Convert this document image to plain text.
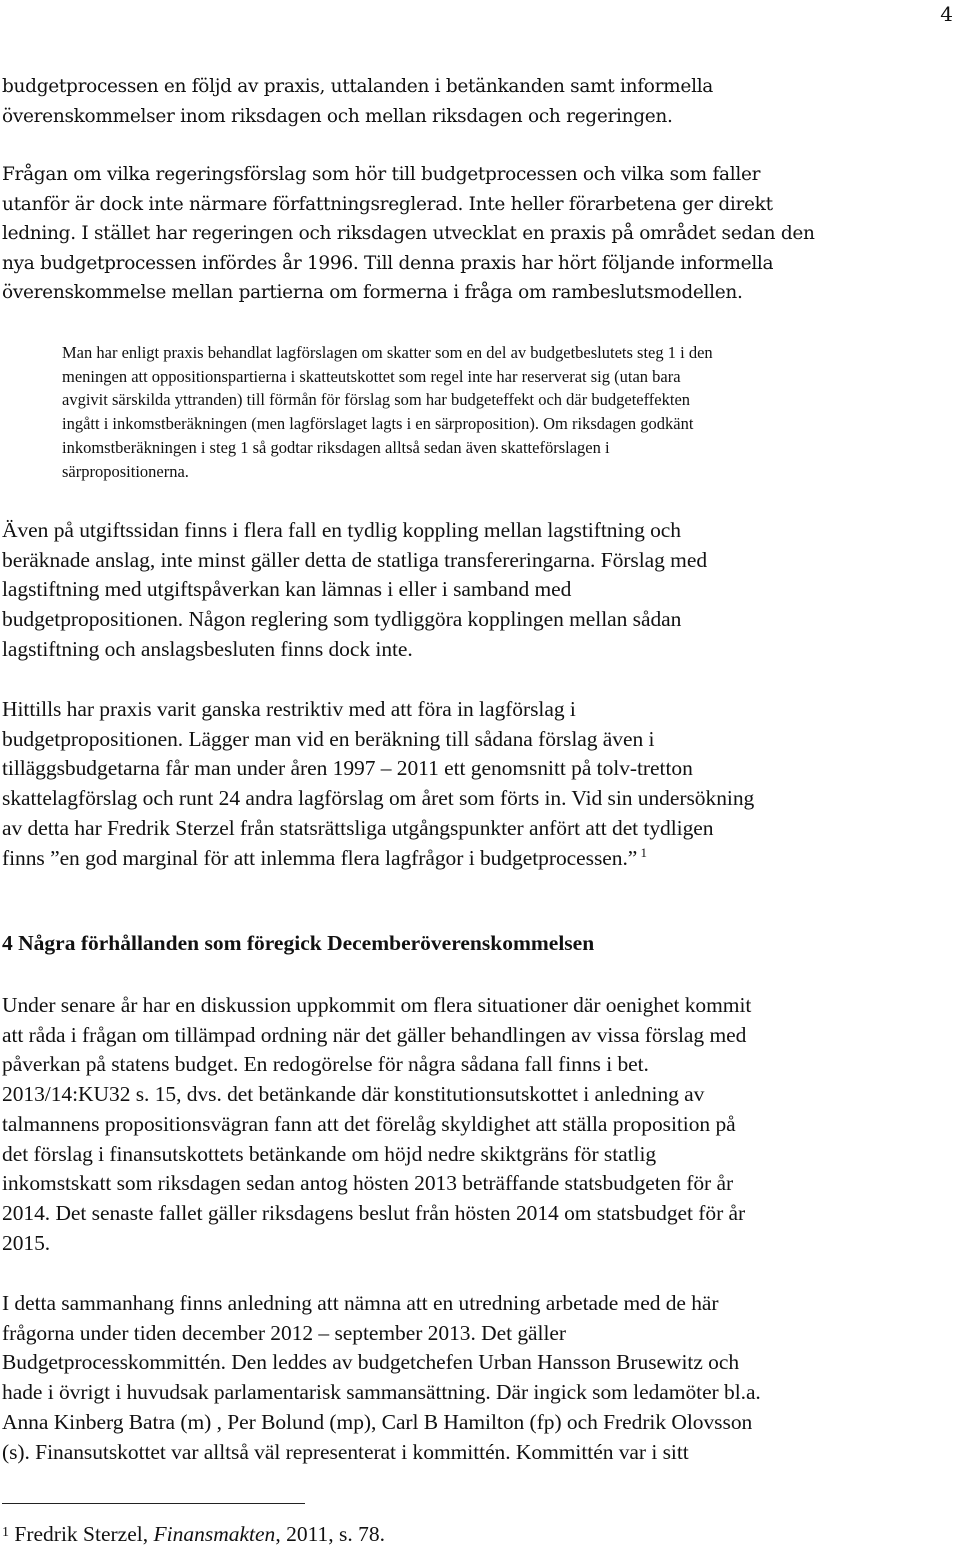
4

budgetprocessen en följd av praxis, uttalanden i betänkanden samt informella
överenskommelser inom riksdagen och mellan riksdagen och regeringen.

Frågan om vilka regeringsförslag som hör till budgetprocessen och vilka som faller
utanför är dock inte närmare författningsreglerad. Inte heller förarbetena ger direkt
ledning. I stället har regeringen och riksdagen utvecklat en praxis på området sedan den
nya budgetprocessen infördes år 1996. Till denna praxis har hört följande informella
överenskommelse mellan partierna om formerna i fråga om rambeslutsmodellen.

Man har enligt praxis behandlat lagförslagen om skatter som en del av budgetbeslutets steg 1 i den
meningen att oppositionspartierna i skatteutskottet som regel inte har reserverat sig (utan bara
avgivit särskilda yttranden) till förmån för förslag som har budgeteffekt och där budgeteffekten
ingått i inkomstberäkningen (men lagförslaget lagts i en särproposition). Om riksdagen godkänt
inkomstberäkningen i steg 1 så godtar riksdagen alltså sedan även skatteförslagen i
särpropositionerna.

Även på utgiftssidan finns i flera fall en tydlig koppling mellan lagstiftning och
beräknade anslag, inte minst gäller detta de statliga transfereringarna. Förslag med
lagstiftning med utgiftspåverkan kan lämnas i eller i samband med
budgetpropositionen. Någon reglering som tydliggöra kopplingen mellan sådan
lagstiftning och anslagsbesluten finns dock inte.

Hittills har praxis varit ganska restriktiv med att föra in lagförslag i
budgetpropositionen. Lägger man vid en beräkning till sådana förslag även i
tilläggsbudgetarna får man under åren 1997 – 2011 ett genomsnitt på tolv-tretton
skattelagförslag och runt 24 andra lagförslag om året som förts in. Vid sin undersökning
av detta har Fredrik Sterzel från statsrättsliga utgångspunkter anfört att det tydligen
finns ”en god marginal för att inlemma flera lagfrågor i budgetprocessen.” $^1$

4 Några förhållanden som föregick Decemberöverenskommelsen

Under senare år har en diskussion uppkommit om flera situationer där oenighet kommit
att råda i frågan om tillämpad ordning när det gäller behandlingen av vissa förslag med
påverkan på statens budget. En redogörelse för några sådana fall finns i bet.
2013/14:KU32 s. 15, dvs. det betänkande där konstitutionsutskottet i anledning av
talmannens propositionsvägran fann att det förelåg skyldighet att ställa proposition på
det förslag i finansutskottets betänkande om höjd nedre skiktgräns för statlig
inkomstskatt som riksdagen sedan antog hösten 2013 beträffande statsbudgeten för år
2014. Det senaste fallet gäller riksdagens beslut från hösten 2014 om statsbudget för år
2015.

I detta sammanhang finns anledning att nämna att en utredning arbetade med de här
frågorna under tiden december 2012 – september 2013. Det gäller
Budgetprocesskommittén. Den leddes av budgetchefen Urban Hansson Brusewitz och
hade i övrigt i huvudsak parlamentarisk sammansättning. Där ingick som ledamöter bl.a.
Anna Kinberg Batra (m) , Per Bolund (mp), Carl B Hamilton (fp) och Fredrik Olovsson
(s). Finansutskottet var alltså väl representerat i kommittén. Kommittén var i sitt

$^1$ Fredrik Sterzel, Finansmakten, 2011, s. 78.
